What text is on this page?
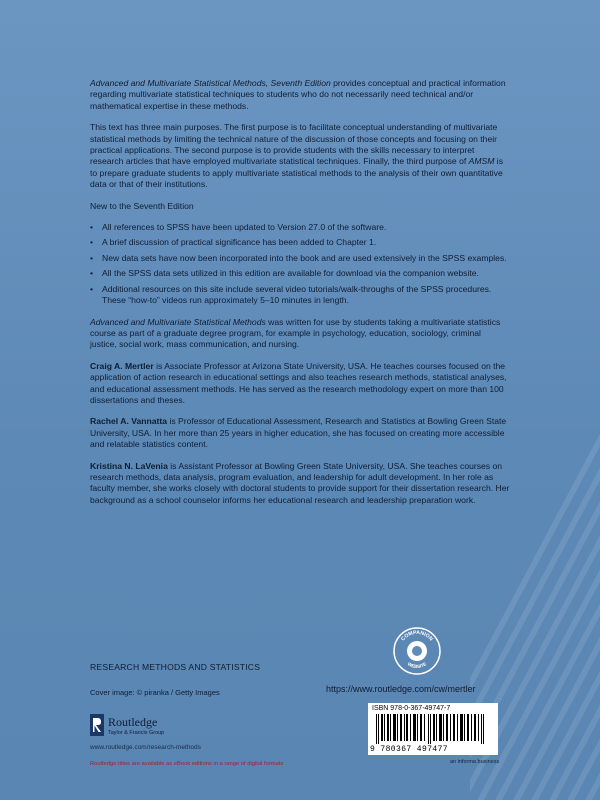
Advanced and Multivariate Statistical Methods, Seventh Edition provides conceptual and practical information regarding multivariate statistical techniques to students who do not necessarily need technical and/or mathematical expertise in these methods.

This text has three main purposes. The first purpose is to facilitate conceptual understanding of multivariate statistical methods by limiting the technical nature of the discussion of those concepts and focusing on their practical applications. The second purpose is to provide students with the skills necessary to interpret research articles that have employed multivariate statistical techniques. Finally, the third purpose of AMSM is to prepare graduate students to apply multivariate statistical methods to the analysis of their own quantitative data or that of their institutions.

New to the Seventh Edition

• All references to SPSS have been updated to Version 27.0 of the software.
• A brief discussion of practical significance has been added to Chapter 1.
• New data sets have now been incorporated into the book and are used extensively in the SPSS examples.
• All the SPSS data sets utilized in this edition are available for download via the companion website.
• Additional resources on this site include several video tutorials/walk-throughs of the SPSS procedures. These “how-to” videos run approximately 5–10 minutes in length.

Advanced and Multivariate Statistical Methods was written for use by students taking a multivariate statistics course as part of a graduate degree program, for example in psychology, education, sociology, criminal justice, social work, mass communication, and nursing.

Craig A. Mertler is Associate Professor at Arizona State University, USA. He teaches courses focused on the application of action research in educational settings and also teaches research methods, statistical analyses, and educational assessment methods. He has served as the research methodology expert on more than 100 dissertations and theses.

Rachel A. Vannatta is Professor of Educational Assessment, Research and Statistics at Bowling Green State University, USA. In her more than 25 years in higher education, she has focused on creating more accessible and relatable statistics content.

Kristina N. LaVenia is Assistant Professor at Bowling Green State University, USA. She teaches courses on research methods, data analysis, program evaluation, and leadership for adult development. In her role as faculty member, she works closely with doctoral students to provide support for their dissertation research. Her background as a school counselor informs her educational research and leadership preparation work.

RESEARCH METHODS AND STATISTICS
COMPANION
WEBSITE
https://www.routledge.com/cw/mertler
Cover image: © piranka / Getty Images
Routledge
Taylor & Francis Group
www.routledge.com/research-methods
Routledge titles are available as eBook editions in a range of digital formats
ISBN 978-0-367-49747-7
9 780367 497477
an informa business
